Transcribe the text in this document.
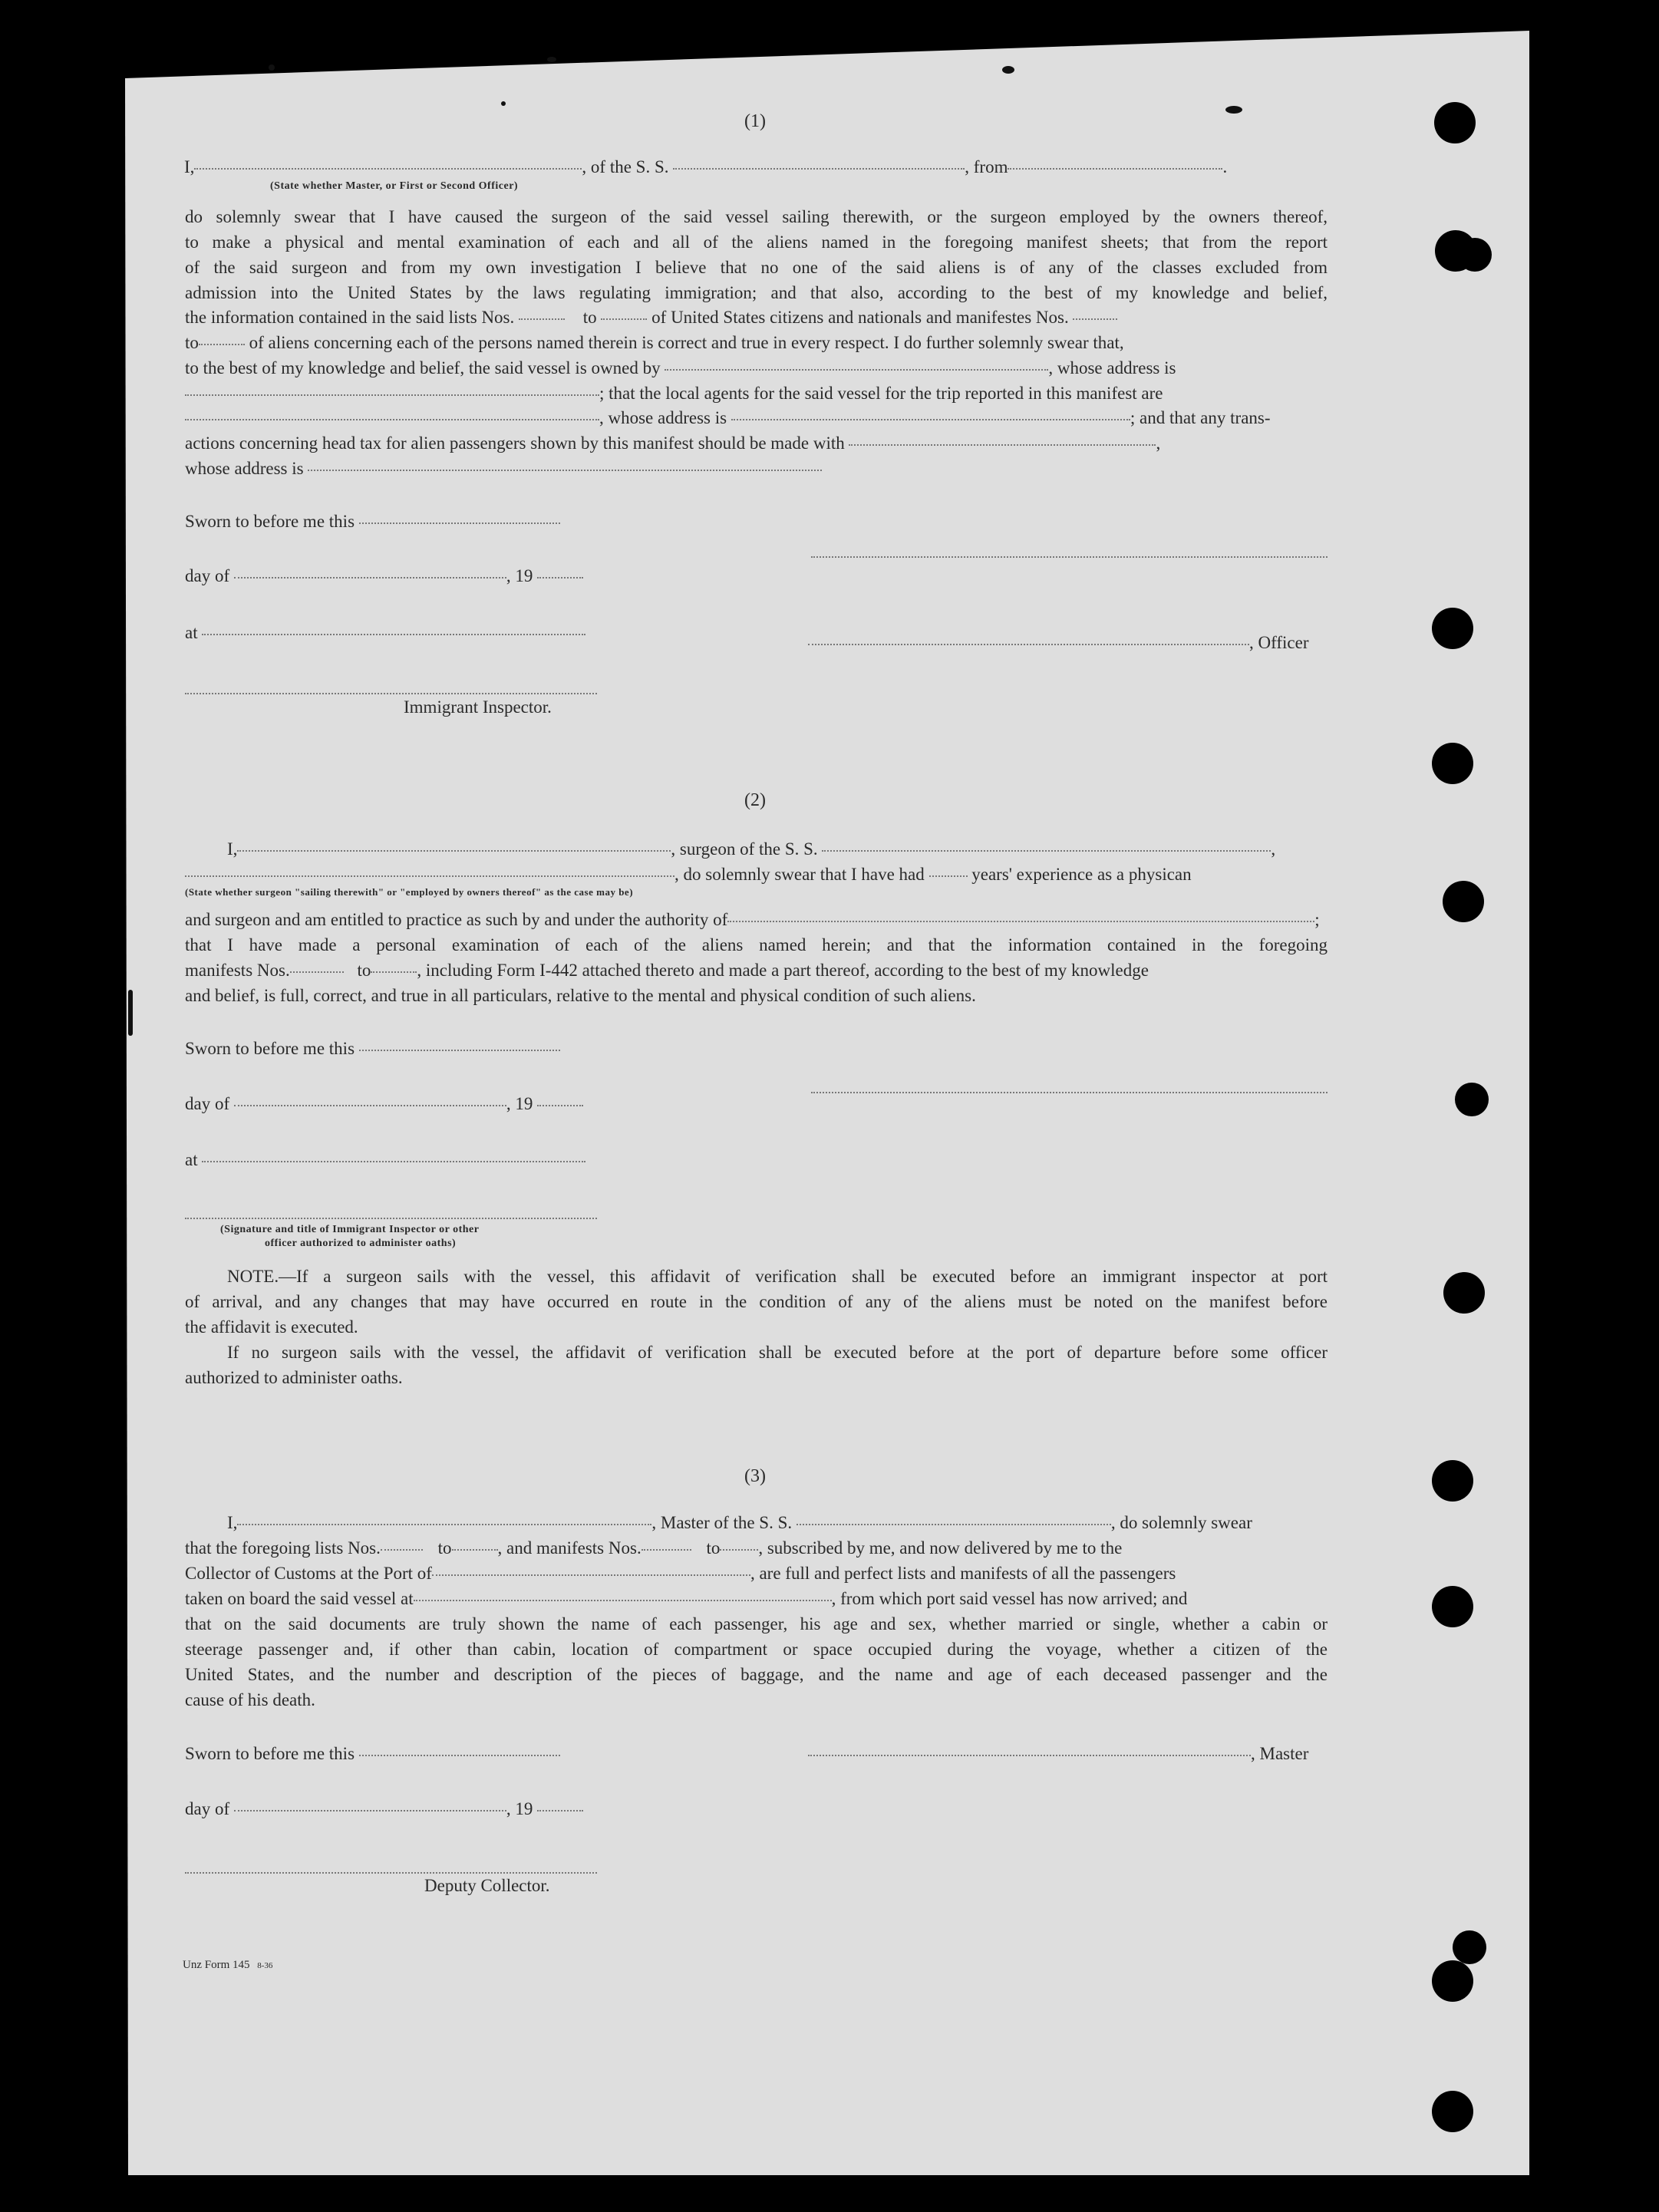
(1)
I,	, of the S. S.	, from	.
(State whether Master, or First or Second Officer)
do solemnly swear that I have caused the surgeon of the said vessel sailing therewith, or the surgeon employed by the owners thereof,
to make a physical and mental examination of each and all of the aliens named in the foregoing manifest sheets; that from the report
of the said surgeon and from my own investigation I believe that no one of the said aliens is of any of the classes excluded from
admission into the United States by the laws regulating immigration; and that also, according to the best of my knowledge and belief,
the information contained in the said lists Nos.	to	of United States citizens and nationals and manifestes Nos.
to	of aliens concerning each of the persons named therein is correct and true in every respect. I do further solemnly swear that,
to the best of my knowledge and belief, the said vessel is owned by	, whose address is
; that the local agents for the said vessel for the trip reported in this manifest are
, whose address is	; and that any trans-
actions concerning head tax for alien passengers shown by this manifest should be made with	,
whose address is
Sworn to before me this
day of	, 19
at
, Officer
Immigrant Inspector.
(2)
I,	, surgeon of the S. S.	,
, do solemnly swear that I have had	years' experience as a physican
(State whether surgeon "sailing therewith" or "employed by owners thereof" as the case may be)
and surgeon and am entitled to practice as such by and under the authority of	;
that I have made a personal examination of each of the aliens named herein; and that the information contained in the foregoing
manifests Nos.	to	, including Form I-442 attached thereto and made a part thereof, according to the best of my knowledge
and belief, is full, correct, and true in all particulars, relative to the mental and physical condition of such aliens.
Sworn to before me this
day of	, 19
at
(Signature and title of Immigrant Inspector or other
officer authorized to administer oaths)
NOTE.—If a surgeon sails with the vessel, this affidavit of verification shall be executed before an immigrant inspector at port
of arrival, and any changes that may have occurred en route in the condition of any of the aliens must be noted on the manifest before
the affidavit is executed.
If no surgeon sails with the vessel, the affidavit of verification shall be executed before at the port of departure before some officer
authorized to administer oaths.
(3)
I,	, Master of the S. S.	, do solemnly swear
that the foregoing lists Nos.	to	, and manifests Nos.	to , subscribed by me, and now delivered by me to the
Collector of Customs at the Port of	, are full and perfect lists and manifests of all the passengers
taken on board the said vessel at	, from which port said vessel has now arrived; and
that on the said documents are truly shown the name of each passenger, his age and sex, whether married or single, whether a cabin or
steerage passenger and, if other than cabin, location of compartment or space occupied during the voyage, whether a citizen of the
United States, and the number and description of the pieces of baggage, and the name and age of each deceased passenger and the
cause of his death.
Sworn to before me this	, Master
day of	, 19
Deputy Collector.
Unz Form 145 8-36
